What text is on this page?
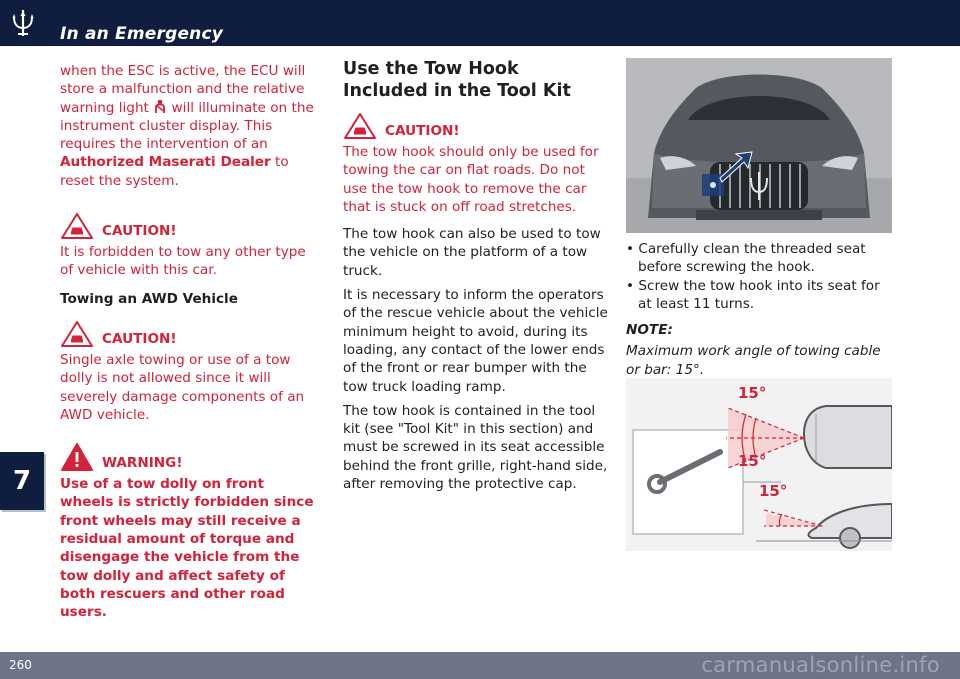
In an Emergency
7

when the ESC is active, the ECU will store a malfunction and the relative warning light will illuminate on the instrument cluster display. This requires the intervention of an Authorized Maserati Dealer to reset the system.

CAUTION!

It is forbidden to tow any other type of vehicle with this car.

Towing an AWD Vehicle

CAUTION!

Single axle towing or use of a tow dolly is not allowed since it will severely damage components of an AWD vehicle.

WARNING!

Use of a tow dolly on front wheels is strictly forbidden since front wheels may still receive a residual amount of torque and disengage the vehicle from the tow dolly and affect safety of both rescuers and other road users.

Use the Tow Hook Included in the Tool Kit
CAUTION!

The tow hook should only be used for towing the car on flat roads. Do not use the tow hook to remove the car that is stuck on off road stretches.

The tow hook can also be used to tow the vehicle on the platform of a tow truck.

It is necessary to inform the operators of the rescue vehicle about the vehicle minimum height to avoid, during its loading, any contact of the lower ends of the front or rear bumper with the tow truck loading ramp.

The tow hook is contained in the tool kit (see "Tool Kit" in this section) and must be screwed in its seat accessible behind the front grille, right-hand side, after removing the protective cap.

• Carefully clean the threaded seat before screwing the hook.
• Screw the tow hook into its seat for at least 11 turns.

NOTE:

Maximum work angle of towing cable or bar: 15°.

15°
15°
15°
260	carmanualsonline.info
